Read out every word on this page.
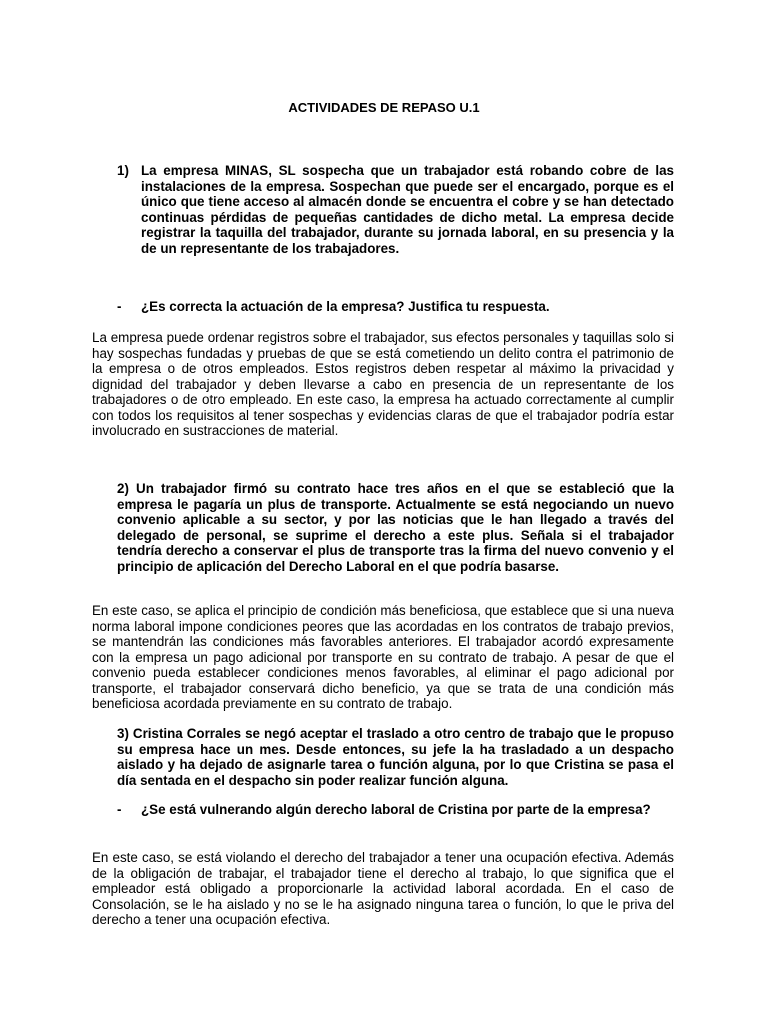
ACTIVIDADES DE REPASO U.1
1) La empresa MINAS, SL sospecha que un trabajador está robando cobre de las instalaciones de la empresa. Sospechan que puede ser el encargado, porque es el único que tiene acceso al almacén donde se encuentra el cobre y se han detectado continuas pérdidas de pequeñas cantidades de dicho metal. La empresa decide registrar la taquilla del trabajador, durante su jornada laboral, en su presencia y la de un representante de los trabajadores.
- ¿Es correcta la actuación de la empresa? Justifica tu respuesta.
La empresa puede ordenar registros sobre el trabajador, sus efectos personales y taquillas solo si hay sospechas fundadas y pruebas de que se está cometiendo un delito contra el patrimonio de la empresa o de otros empleados. Estos registros deben respetar al máximo la privacidad y dignidad del trabajador y deben llevarse a cabo en presencia de un representante de los trabajadores o de otro empleado. En este caso, la empresa ha actuado correctamente al cumplir con todos los requisitos al tener sospechas y evidencias claras de que el trabajador podría estar involucrado en sustracciones de material.
2) Un trabajador firmó su contrato hace tres años en el que se estableció que la empresa le pagaría un plus de transporte. Actualmente se está negociando un nuevo convenio aplicable a su sector, y por las noticias que le han llegado a través del delegado de personal, se suprime el derecho a este plus. Señala si el trabajador tendría derecho a conservar el plus de transporte tras la firma del nuevo convenio y el principio de aplicación del Derecho Laboral en el que podría basarse.
En este caso, se aplica el principio de condición más beneficiosa, que establece que si una nueva norma laboral impone condiciones peores que las acordadas en los contratos de trabajo previos, se mantendrán las condiciones más favorables anteriores. El trabajador acordó expresamente con la empresa un pago adicional por transporte en su contrato de trabajo. A pesar de que el convenio pueda establecer condiciones menos favorables, al eliminar el pago adicional por transporte, el trabajador conservará dicho beneficio, ya que se trata de una condición más beneficiosa acordada previamente en su contrato de trabajo.
3) Cristina Corrales se negó aceptar el traslado a otro centro de trabajo que le propuso su empresa hace un mes. Desde entonces, su jefe la ha trasladado a un despacho aislado y ha dejado de asignarle tarea o función alguna, por lo que Cristina se pasa el día sentada en el despacho sin poder realizar función alguna.
- ¿Se está vulnerando algún derecho laboral de Cristina por parte de la empresa?
En este caso, se está violando el derecho del trabajador a tener una ocupación efectiva. Además de la obligación de trabajar, el trabajador tiene el derecho al trabajo, lo que significa que el empleador está obligado a proporcionarle la actividad laboral acordada. En el caso de Consolación, se le ha aislado y no se le ha asignado ninguna tarea o función, lo que le priva del derecho a tener una ocupación efectiva.
